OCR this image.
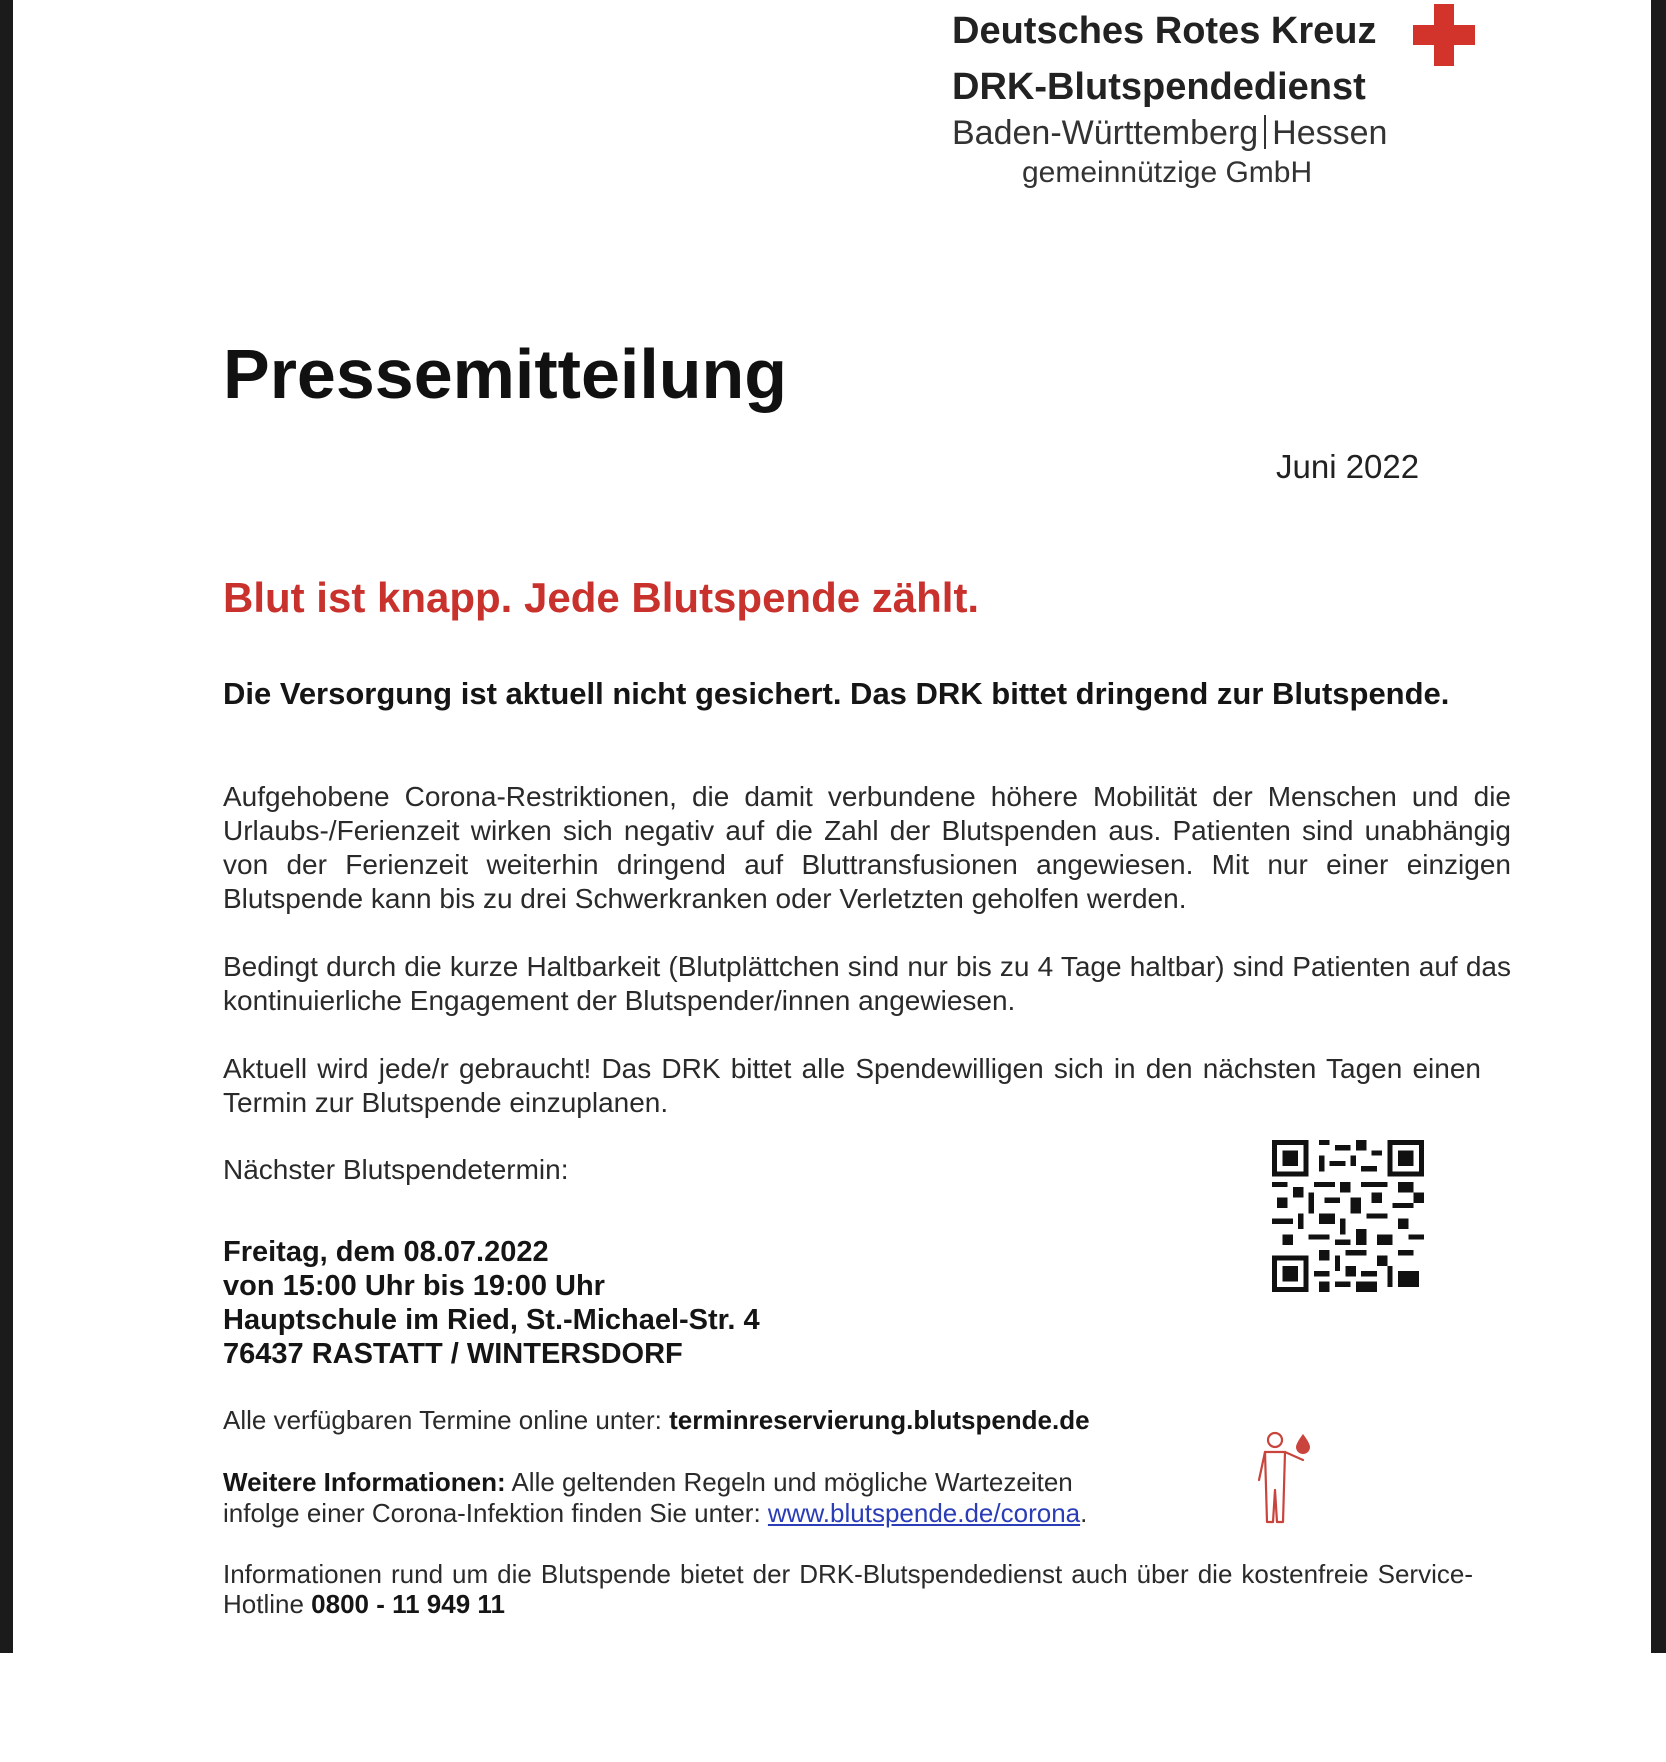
Deutsches Rotes Kreuz
DRK-Blutspendedienst
Baden-Württemberg Hessen
gemeinnützige GmbH
Pressemitteilung
Juni 2022
Blut ist knapp. Jede Blutspende zählt.
Die Versorgung ist aktuell nicht gesichert. Das DRK bittet dringend zur Blutspende.
Aufgehobene Corona-Restriktionen, die damit verbundene höhere Mobilität der Menschen und die Urlaubs-/Ferienzeit wirken sich negativ auf die Zahl der Blutspenden aus. Patienten sind unabhängig von der Ferienzeit weiterhin dringend auf Bluttransfusionen angewiesen. Mit nur einer einzigen Blutspende kann bis zu drei Schwerkranken oder Verletzten geholfen werden.
Bedingt durch die kurze Haltbarkeit (Blutplättchen sind nur bis zu 4 Tage haltbar) sind Patienten auf das kontinuierliche Engagement der Blutspender/innen angewiesen.
Aktuell wird jede/r gebraucht! Das DRK bittet alle Spendewilligen sich in den nächsten Tagen einen Termin zur Blutspende einzuplanen.
Nächster Blutspendetermin:
Freitag, dem 08.07.2022
von 15:00 Uhr bis 19:00 Uhr
Hauptschule im Ried, St.-Michael-Str. 4
76437 RASTATT / WINTERSDORF
Alle verfügbaren Termine online unter: terminreservierung.blutspende.de
Weitere Informationen: Alle geltenden Regeln und mögliche Wartezeiten
infolge einer Corona-Infektion finden Sie unter: www.blutspende.de/corona.
Informationen rund um die Blutspende bietet der DRK-Blutspendedienst auch über die kostenfreie Service-Hotline 0800 - 11 949 11
